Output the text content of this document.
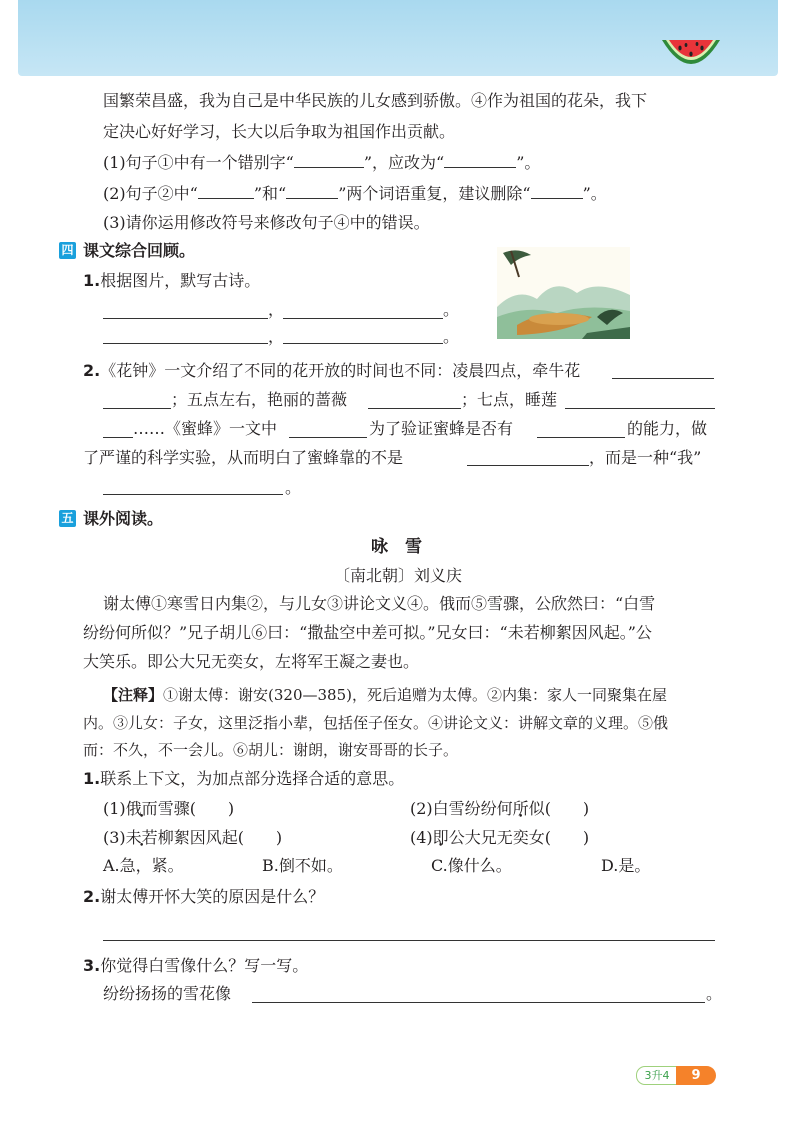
国繁荣昌盛，我为自己是中华民族的儿女感到骄傲。④作为祖国的花朵，我下
定决心好好学习，长大以后争取为祖国作出贡献。
(1)句子①中有一个错别字“	”，应改为“	”。
(2)句子②中“	”和“	”两个词语重复，建议删除“	”。
(3)请你运用修改符号来修改句子④中的错误。
四 课文综合回顾。
1.根据图片，默写古诗。
，	。
，	。
2.《花钟》一文介绍了不同的花开放的时间也不同：凌晨四点，牵牛花
；五点左右，艳丽的蔷薇	；七点，睡莲
……《蜜蜂》一文中	为了验证蜜蜂是否有	的能力，做
了严谨的科学实验，从而明白了蜜蜂靠的不是	，而是一种“我”
。
五 课外阅读。
咏　雪
〔南北朝〕刘义庆
谢太傅①寒雪日内集②，与儿女③讲论文义④。俄而⑤雪骤，公欣然曰：“白雪
纷纷何所似？”兄子胡儿⑥曰：“撒盐空中差可拟。”兄女曰：“未若柳絮因风起。”公
大笑乐。即公大兄无奕女，左将军王凝之妻也。
【注释】①谢太傅：谢安(320—385)，死后追赠为太傅。②内集：家人一同聚集在屋
内。③儿女：子女，这里泛指小辈，包括侄子侄女。④讲论文义：讲解文章的义理。⑤俄
而：不久，不一会儿。⑥胡儿：谢朗，谢安哥哥的长子。
1.联系上下文，为加点部分选择合适的意思。
(1)俄而雪骤(　　)	(2)白雪纷纷何所似(　　)
(3)未若柳絮因风起(　　)	(4)即公大兄无奕女(　　)
A.急，紧。	B.倒不如。	C.像什么。	D.是。
2.谢太傅开怀大笑的原因是什么？
3.你觉得白雪像什么？写一写。
纷纷扬扬的雪花像	。
3升4	9
